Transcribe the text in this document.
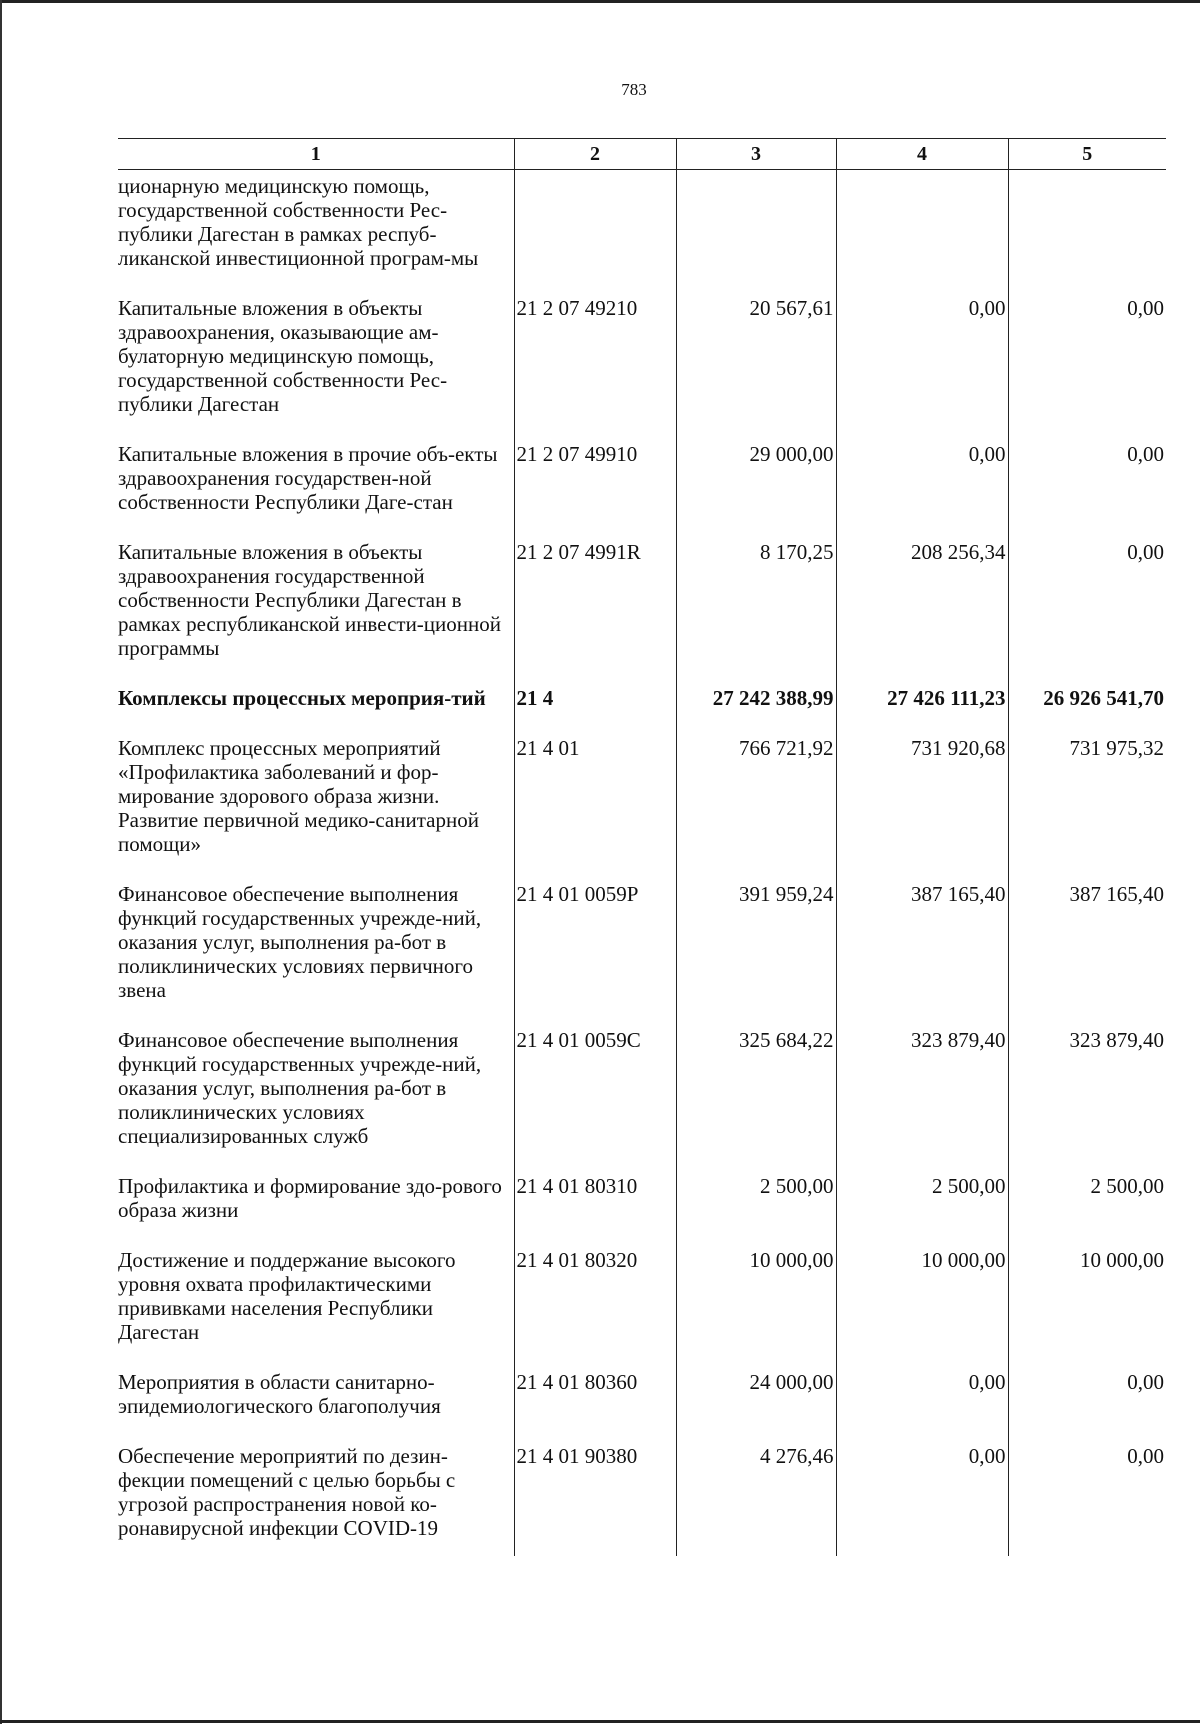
783
1	2	3	4	5
ционарную медицинскую помощь, государственной собственности Рес-публики Дагестан в рамках респуб-ликанской инвестиционной програм-мы				
Капитальные вложения в объекты здравоохранения, оказывающие ам-булаторную медицинскую помощь, государственной собственности Рес-публики Дагестан	21 2 07 49210	20 567,61	0,00	0,00
Капитальные вложения в прочие объ-екты здравоохранения государствен-ной собственности Республики Даге-стан	21 2 07 49910	29 000,00	0,00	0,00
Капитальные вложения в объекты здравоохранения государственной собственности Республики Дагестан в рамках республиканской инвести-ционной программы	21 2 07 4991R	8 170,25	208 256,34	0,00
Комплексы процессных мероприя-тий	21 4	27 242 388,99	27 426 111,23	26 926 541,70
Комплекс процессных мероприятий «Профилактика заболеваний и фор-мирование здорового образа жизни. Развитие первичной медико-санитарной помощи»	21 4 01	766 721,92	731 920,68	731 975,32
Финансовое обеспечение выполнения функций государственных учрежде-ний, оказания услуг, выполнения ра-бот в поликлинических условиях первичного звена	21 4 01 0059P	391 959,24	387 165,40	387 165,40
Финансовое обеспечение выполнения функций государственных учрежде-ний, оказания услуг, выполнения ра-бот в поликлинических условиях специализированных служб	21 4 01 0059C	325 684,22	323 879,40	323 879,40
Профилактика и формирование здо-рового образа жизни	21 4 01 80310	2 500,00	2 500,00	2 500,00
Достижение и поддержание высокого уровня охвата профилактическими прививками населения Республики Дагестан	21 4 01 80320	10 000,00	10 000,00	10 000,00
Мероприятия в области санитарно-эпидемиологического благополучия	21 4 01 80360	24 000,00	0,00	0,00
Обеспечение мероприятий по дезин-фекции помещений с целью борьбы с угрозой распространения новой ко-ронавирусной инфекции COVID-19	21 4 01 90380	4 276,46	0,00	0,00
